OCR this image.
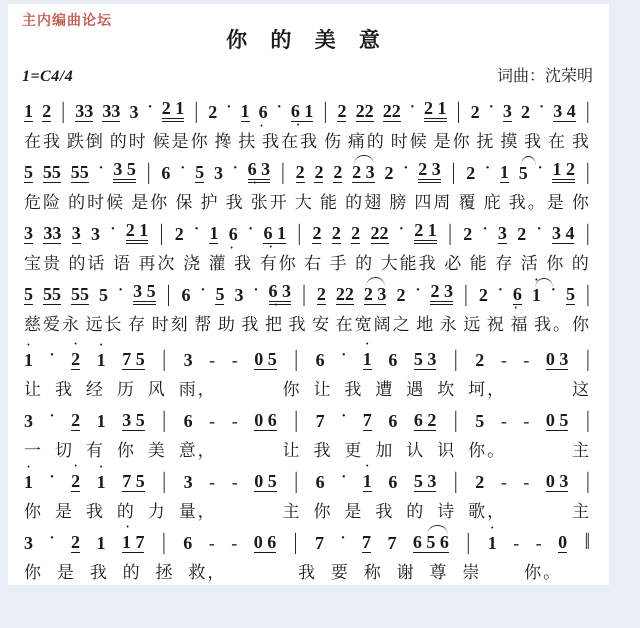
主内编曲论坛
你 的 美 意
1=C4/4	词曲：沈荣明
1 2 | 33 33 3 · 2 1 | 2 · 1 6 • · 6 1 • | 2 22 22 · 2 1 | 2 · 3 2 · 3 4 |
在我 跌倒 的时 候是你 搀 扶 我在我 伤 痛的 时候 是你 抚 摸 我 在 我
5 55 55 · 3 5 | 6 · 5 3 · 6 3 • | 2 2 2 2 3 2 · 2 3 | 2 · 1 5 · 1 2 |
危险 的时候 是你 保 护 我 张开 大 能 的翅 膀 四周 覆 庇 我。是 你
3 33 3 3 · 2 1 | 2 · 1 6 • · 6 1 • | 2 2 2 22 · 2 1 | 2 · 3 2 · 3 4 |
宝贵 的话 语 再次 浇 灌 我 有你 右 手 的 大能我 必 能 存 活 你 的
5 55 55 5 · 3 5 | 6 · 5 3 · 6 3 • | 2 22 2 3 2 · 2 3 | 2 · 6 • • 1 · 5 |
慈爱永 远长 存 时刻 帮 助 我 把 我 安 在宽阔之 地 永 远 祝 福 我。你
• 1 · • 2 • 1 7 5 | 3 - - 0 5 | 6 · • 1 6 5 3 | 2 - - 0 3 |
让 我 经 历 风 雨，	你 让 我 遭 遇 坎 坷，	这
3 · 2 1 3 5 | 6 - - 0 6 | 7 · 7 6 6 2 | 5 - - 0 5 |
一 切 有 你 美 意，	让 我 更 加 认 识 你。	主
• 1 · • 2 • 1 7 5 | 3 - - 0 5 | 6 · • 1 6 5 3 | 2 - - 0 3 |
你 是 我 的 力 量，	主 你 是 我 的 诗 歌，	主
3 · 2 1 • 1 7 | 6 - - 0 6 | 7 · 7 7 6 5 6 | • 1 - - 0 ‖
你 是 我 的 拯 救，	我 要 称 谢 尊 崇	你。
